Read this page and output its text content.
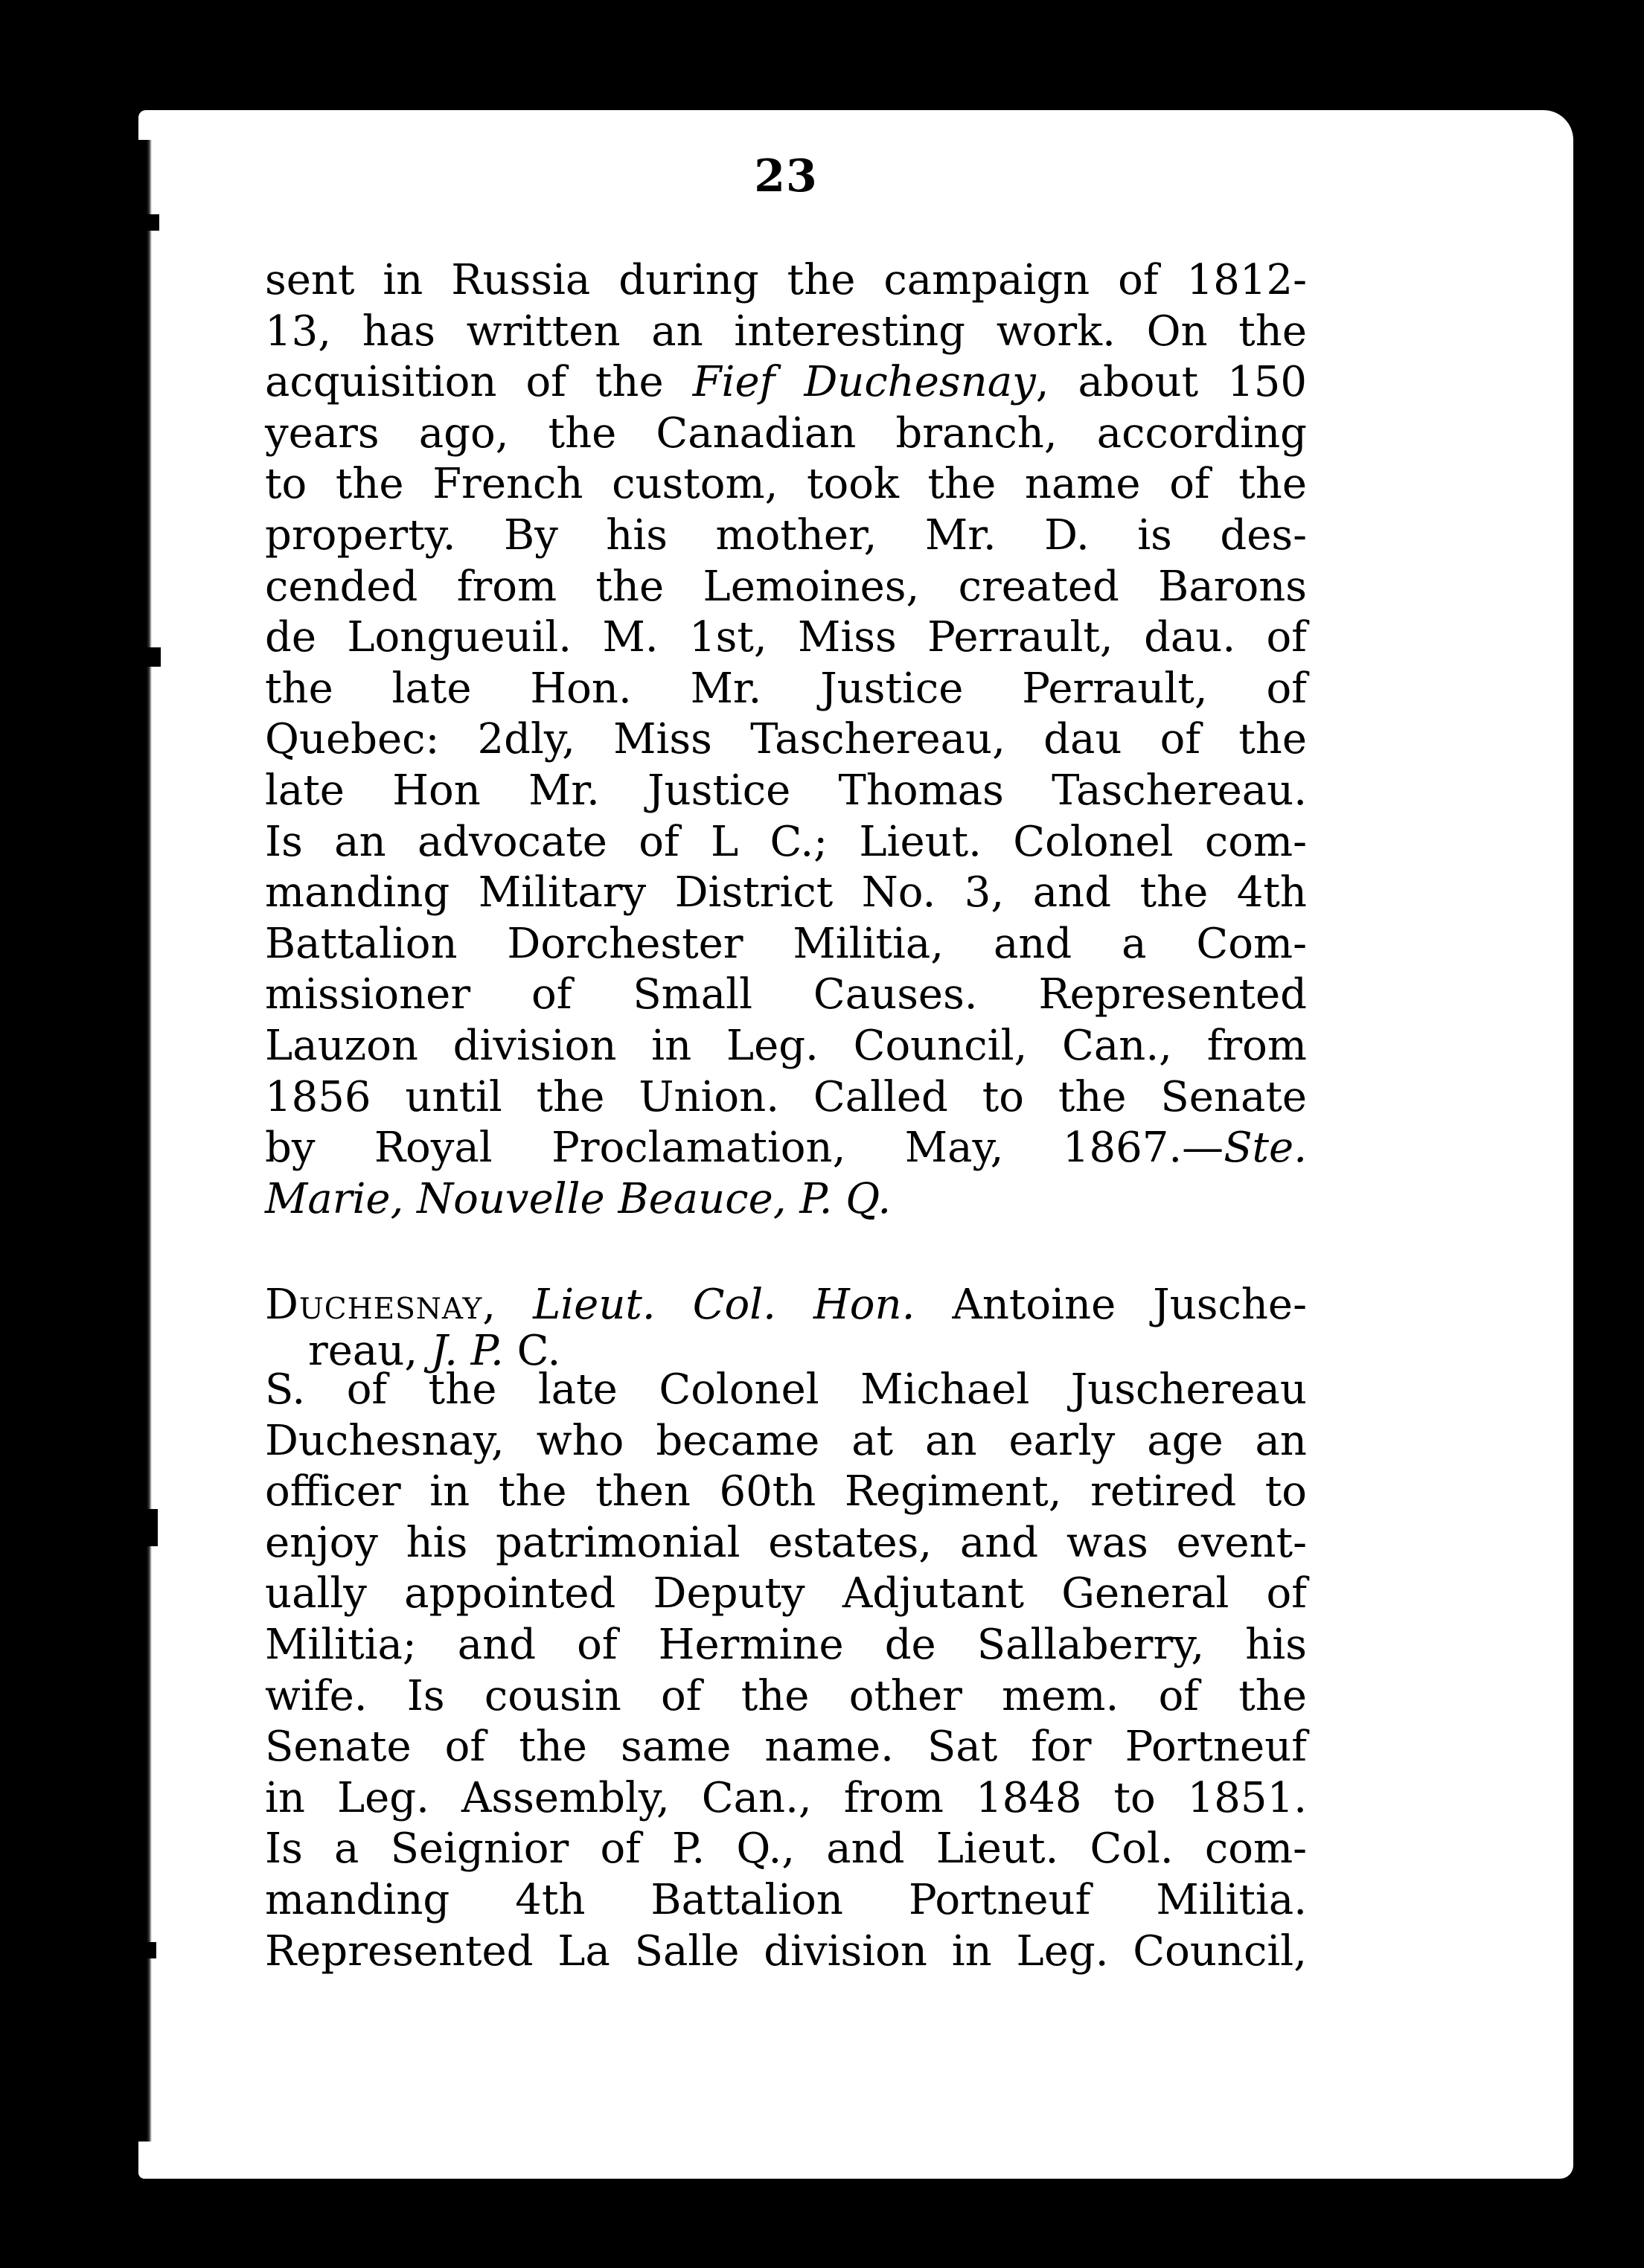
23
sent in Russia during the campaign of 1812-
13, has written an interesting work. On the
acquisition of the Fief Duchesnay, about 150
years ago, the Canadian branch, according
to the French custom, took the name of the
property. By his mother, Mr. D. is des-
cended from the Lemoines, created Barons
de Longueuil. M. 1st, Miss Perrault, dau. of
the late Hon. Mr. Justice Perrault, of
Quebec: 2dly, Miss Taschereau, dau of the
late Hon Mr. Justice Thomas Taschereau.
Is an advocate of L C.; Lieut. Colonel com-
manding Military District No. 3, and the 4th
Battalion Dorchester Militia, and a Com-
missioner of Small Causes. Represented
Lauzon division in Leg. Council, Can., from
1856 until the Union. Called to the Senate
by Royal Proclamation, May, 1867.—Ste.
Marie, Nouvelle Beauce, P. Q.
Duchesnay, Lieut. Col. Hon. Antoine Jusche-
reau, J. P. C.
S. of the late Colonel Michael Juschereau
Duchesnay, who became at an early age an
officer in the then 60th Regiment, retired to
enjoy his patrimonial estates, and was event-
ually appointed Deputy Adjutant General of
Militia; and of Hermine de Sallaberry, his
wife. Is cousin of the other mem. of the
Senate of the same name. Sat for Portneuf
in Leg. Assembly, Can., from 1848 to 1851.
Is a Seignior of P. Q., and Lieut. Col. com-
manding 4th Battalion Portneuf Militia.
Represented La Salle division in Leg. Council,
